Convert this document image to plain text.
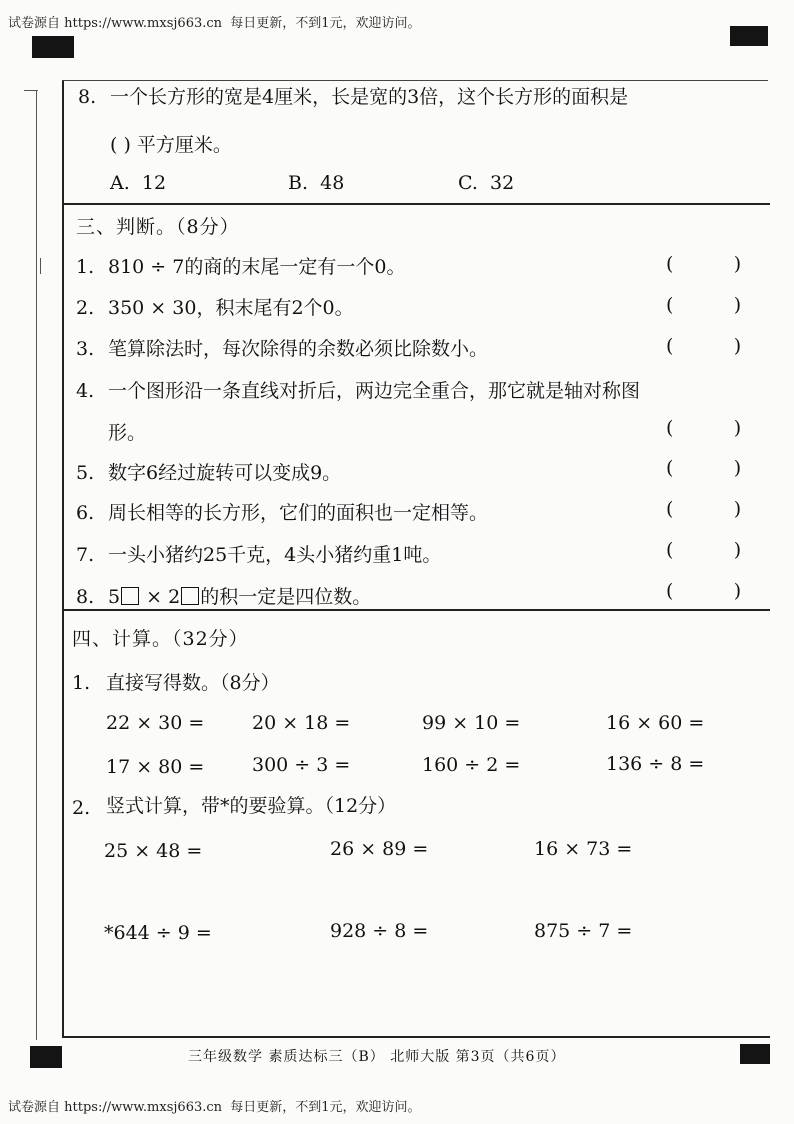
试卷源自 https://www.mxsj663.cn  每日更新，不到1元，欢迎访问。
试卷源自 https://www.mxsj663.cn  每日更新，不到1元，欢迎访问。
8. 一个长方形的宽是4厘米，长是宽的3倍，这个长方形的面积是
( ) 平方厘米。
A. 12	B. 48	C. 32
三、判断。（8分）
1. 810 ÷ 7的商的末尾一定有一个0。	(          )
2. 350 × 30，积末尾有2个0。	(          )
3. 笔算除法时，每次除得的余数必须比除数小。	(          )
4. 一个图形沿一条直线对折后，两边完全重合，那它就是轴对称图
形。	(          )
5. 数字6经过旋转可以变成9。	(          )
6. 周长相等的长方形，它们的面积也一定相等。	(          )
7. 一头小猪约25千克，4头小猪约重1吨。	(          )
8. 5 × 2 的积一定是四位数。	(          )
四、计算。（32分）
1. 直接写得数。（8分）
22 × 30 =	20 × 18 =	99 × 10 =	16 × 60 =
17 × 80 =	300 ÷ 3 =	160 ÷ 2 =	136 ÷ 8 =
2. 竖式计算，带*的要验算。（12分）
25 × 48 =	26 × 89 =	16 × 73 =
*644 ÷ 9 =	928 ÷ 8 =	875 ÷ 7 =
三年级数学 素质达标三（B） 北师大版 第3页（共6页）
